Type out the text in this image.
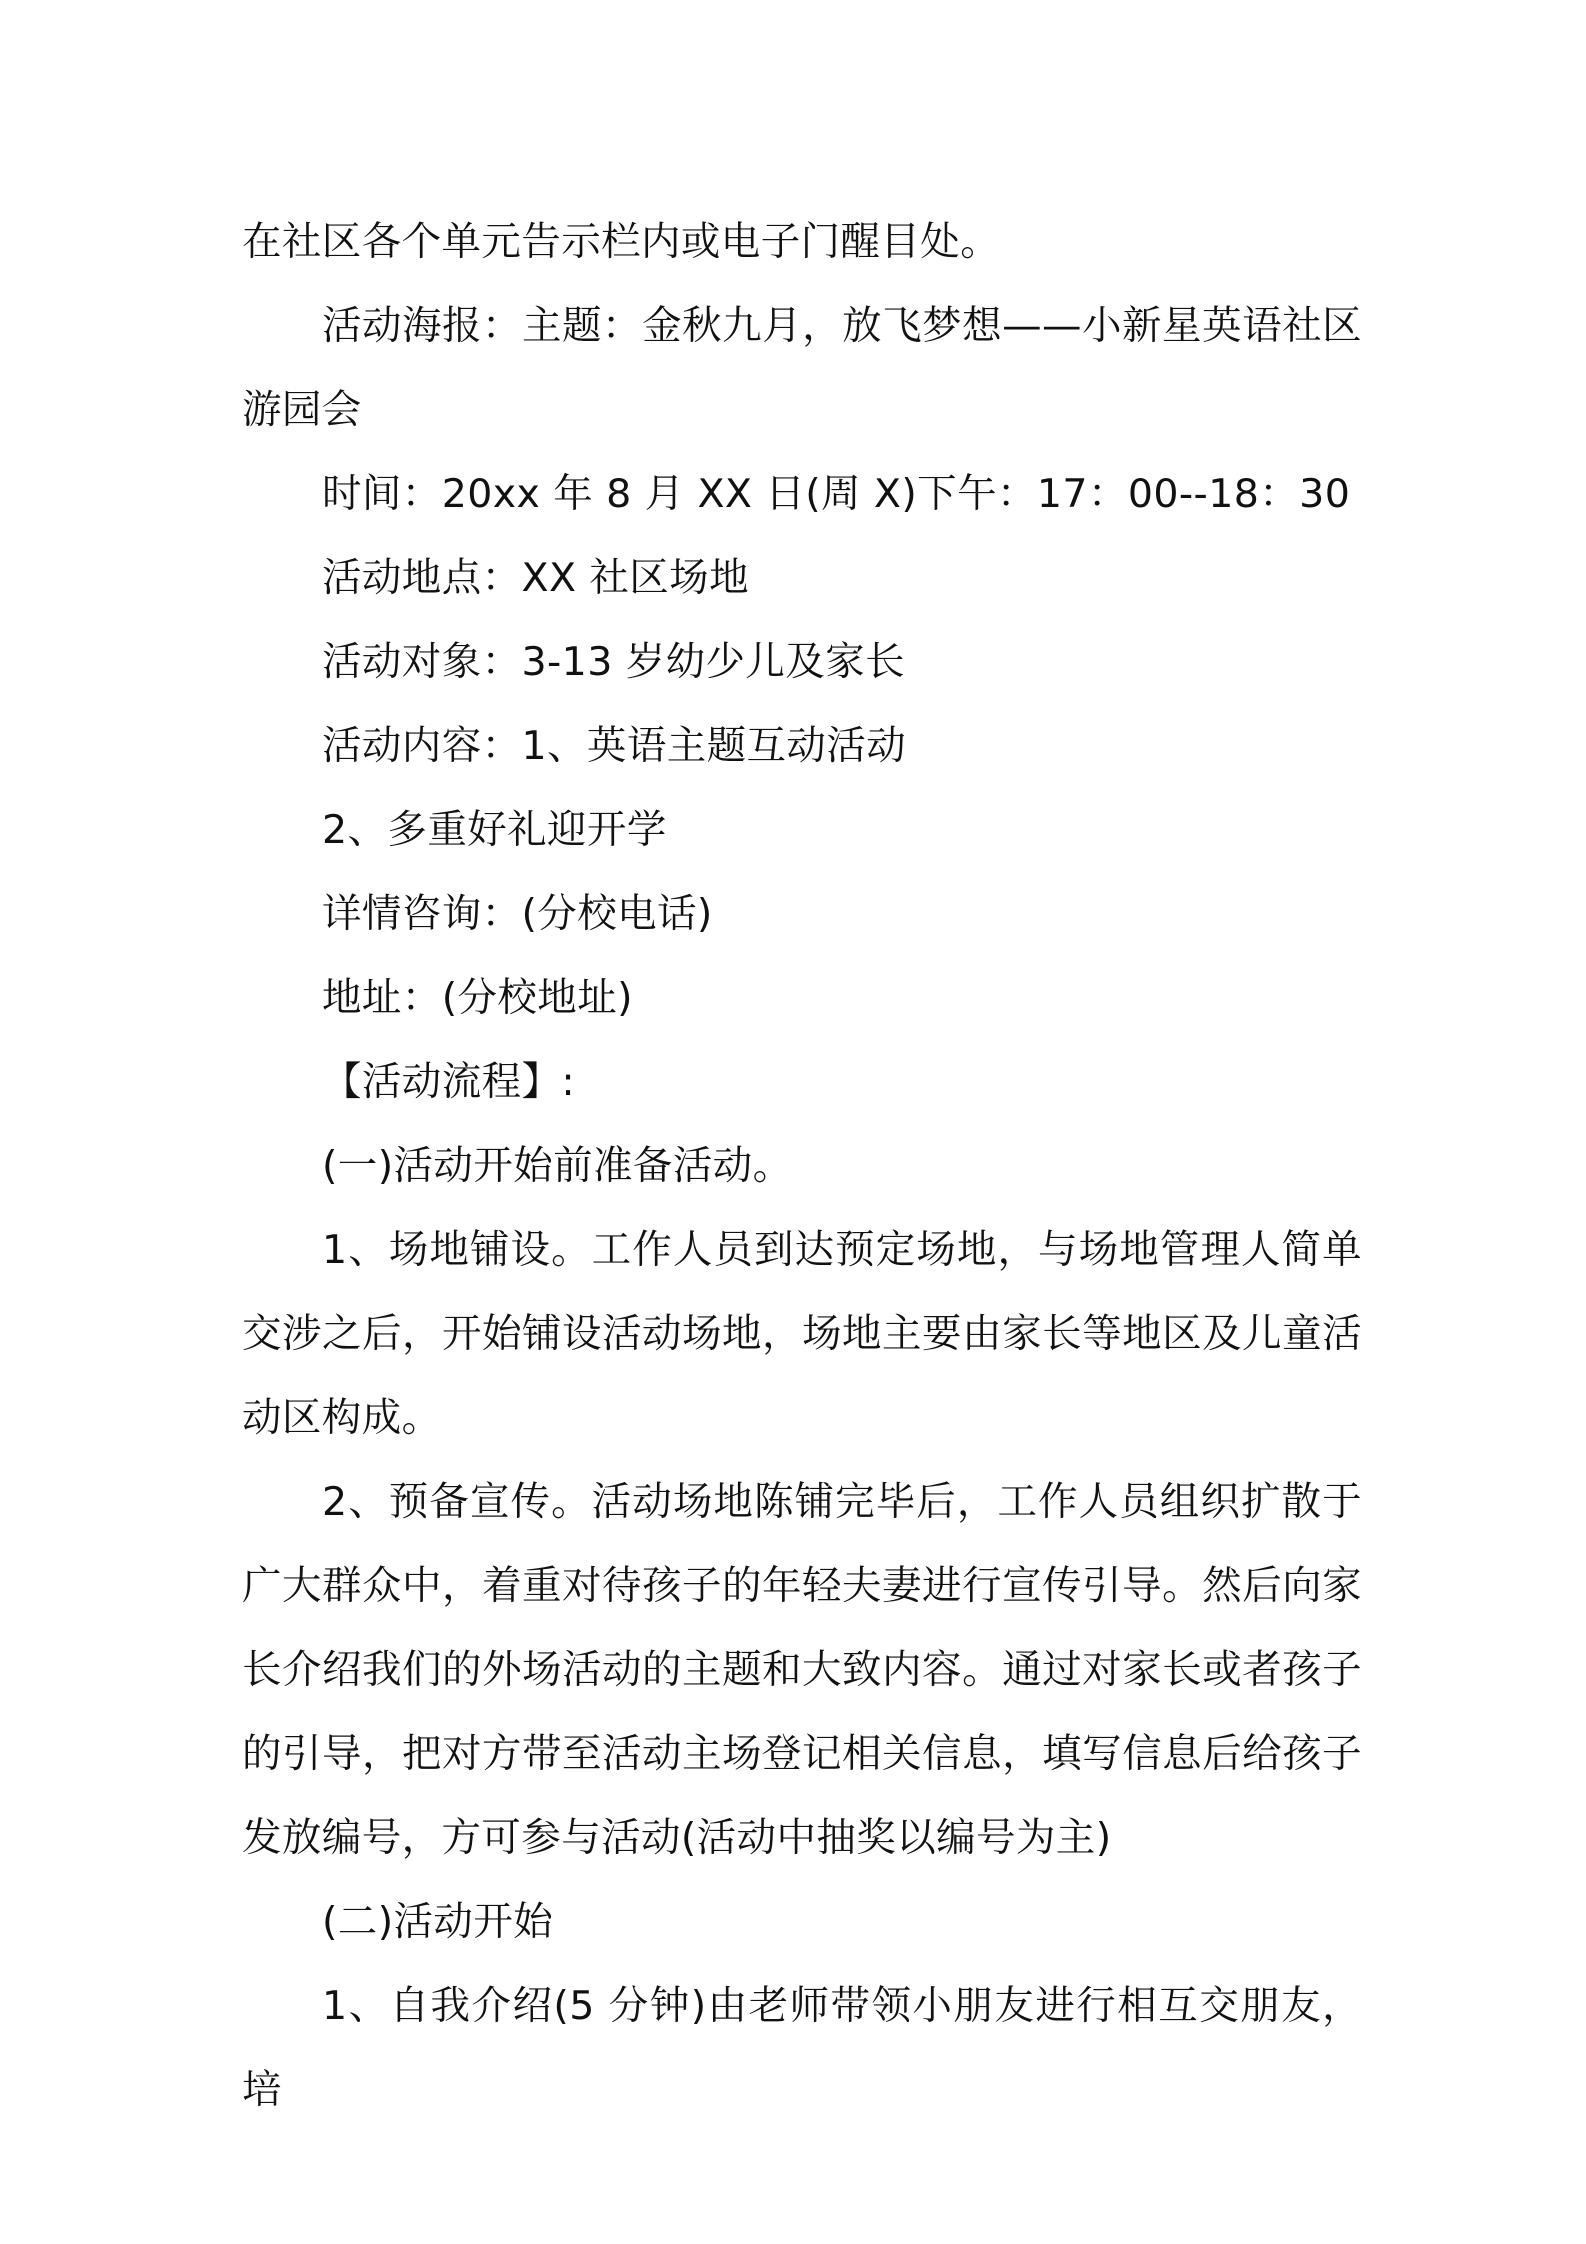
在社区各个单元告示栏内或电子门醒目处。

活动海报：主题：金秋九月，放飞梦想——小新星英语社区游园会

时间：20xx 年 8 月 XX 日(周 X)下午：17：00--18：30

活动地点：XX 社区场地

活动对象：3-13 岁幼少儿及家长

活动内容：1、英语主题互动活动

2、多重好礼迎开学

详情咨询：(分校电话)

地址：(分校地址)

【活动流程】:

(一)活动开始前准备活动。

1、场地铺设。工作人员到达预定场地，与场地管理人简单交涉之后，开始铺设活动场地，场地主要由家长等地区及儿童活动区构成。

2、预备宣传。活动场地陈铺完毕后，工作人员组织扩散于广大群众中，着重对待孩子的年轻夫妻进行宣传引导。然后向家长介绍我们的外场活动的主题和大致内容。通过对家长或者孩子的引导，把对方带至活动主场登记相关信息，填写信息后给孩子发放编号，方可参与活动(活动中抽奖以编号为主)

(二)活动开始

1、自我介绍(5 分钟)由老师带领小朋友进行相互交朋友，培
